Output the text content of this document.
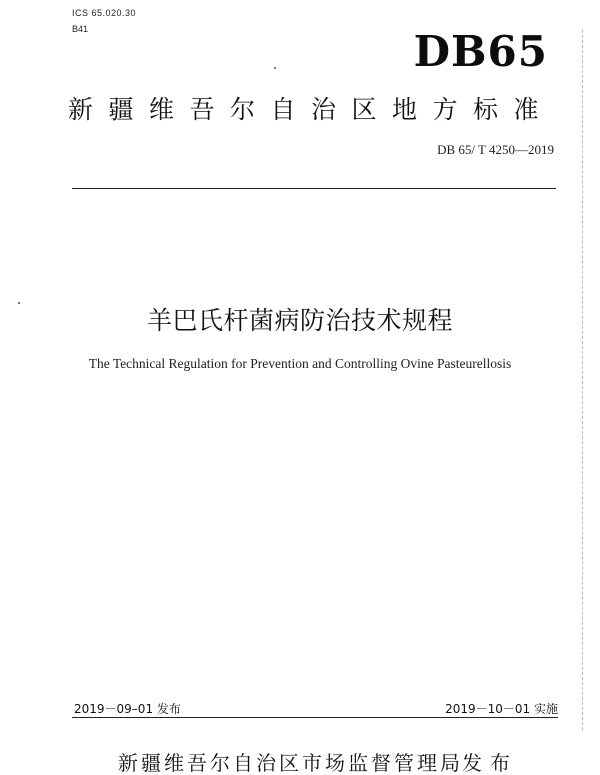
ICS 65.020.30
B41	DB65
新疆维吾尔自治区地方标准
DB 65/ T 4250—2019
羊巴氏杆菌病防治技术规程
The Technical Regulation for Prevention and Controlling Ovine Pasteurellosis
2019－09–01 发布	2019－10－01 实施
新疆维吾尔自治区市场监督管理局 发布
